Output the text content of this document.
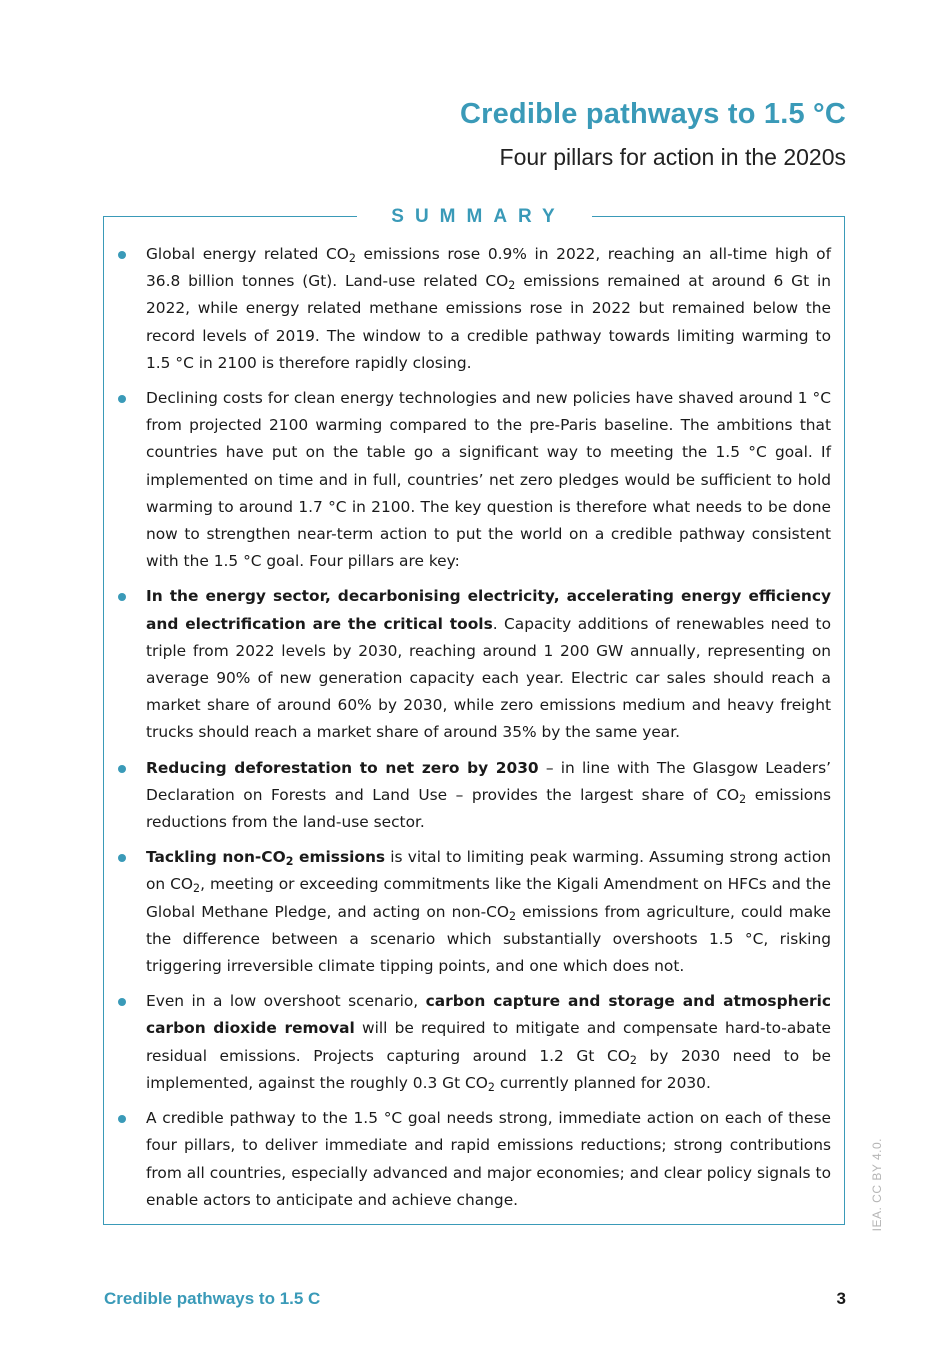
Credible pathways to 1.5 °C
Four pillars for action in the 2020s
SUMMARY
Global energy related $CO_2$ emissions rose 0.9% in 2022, reaching an all-time high of 36.8 billion tonnes (Gt). Land-use related $CO_2$ emissions remained at around 6 Gt in 2022, while energy related methane emissions rose in 2022 but remained below the record levels of 2019. The window to a credible pathway towards limiting warming to 1.5 °C in 2100 is therefore rapidly closing.
Declining costs for clean energy technologies and new policies have shaved around 1 °C from projected 2100 warming compared to the pre-Paris baseline. The ambitions that countries have put on the table go a significant way to meeting the 1.5 °C goal. If implemented on time and in full, countries’ net zero pledges would be sufficient to hold warming to around 1.7 °C in 2100. The key question is therefore what needs to be done now to strengthen near-term action to put the world on a credible pathway consistent with the 1.5 °C goal. Four pillars are key:
In the energy sector, decarbonising electricity, accelerating energy efficiency and electrification are the critical tools. Capacity additions of renewables need to triple from 2022 levels by 2030, reaching around 1 200 GW annually, representing on average 90% of new generation capacity each year. Electric car sales should reach a market share of around 60% by 2030, while zero emissions medium and heavy freight trucks should reach a market share of around 35% by the same year.
Reducing deforestation to net zero by 2030 – in line with The Glasgow Leaders’ Declaration on Forests and Land Use – provides the largest share of $CO_2$ emissions reductions from the land-use sector.
Tackling non-$CO_2$ emissions is vital to limiting peak warming. Assuming strong action on $CO_2$, meeting or exceeding commitments like the Kigali Amendment on HFCs and the Global Methane Pledge, and acting on non-$CO_2$ emissions from agriculture, could make the difference between a scenario which substantially overshoots 1.5 °C, risking triggering irreversible climate tipping points, and one which does not.
Even in a low overshoot scenario, carbon capture and storage and atmospheric carbon dioxide removal will be required to mitigate and compensate hard-to-abate residual emissions. Projects capturing around 1.2 Gt $CO_2$ by 2030 need to be implemented, against the roughly 0.3 Gt $CO_2$ currently planned for 2030.
A credible pathway to the 1.5 °C goal needs strong, immediate action on each of these four pillars, to deliver immediate and rapid emissions reductions; strong contributions from all countries, especially advanced and major economies; and clear policy signals to enable actors to anticipate and achieve change.	IEA. CC BY 4.0.
Credible pathways to 1.5 C	3
